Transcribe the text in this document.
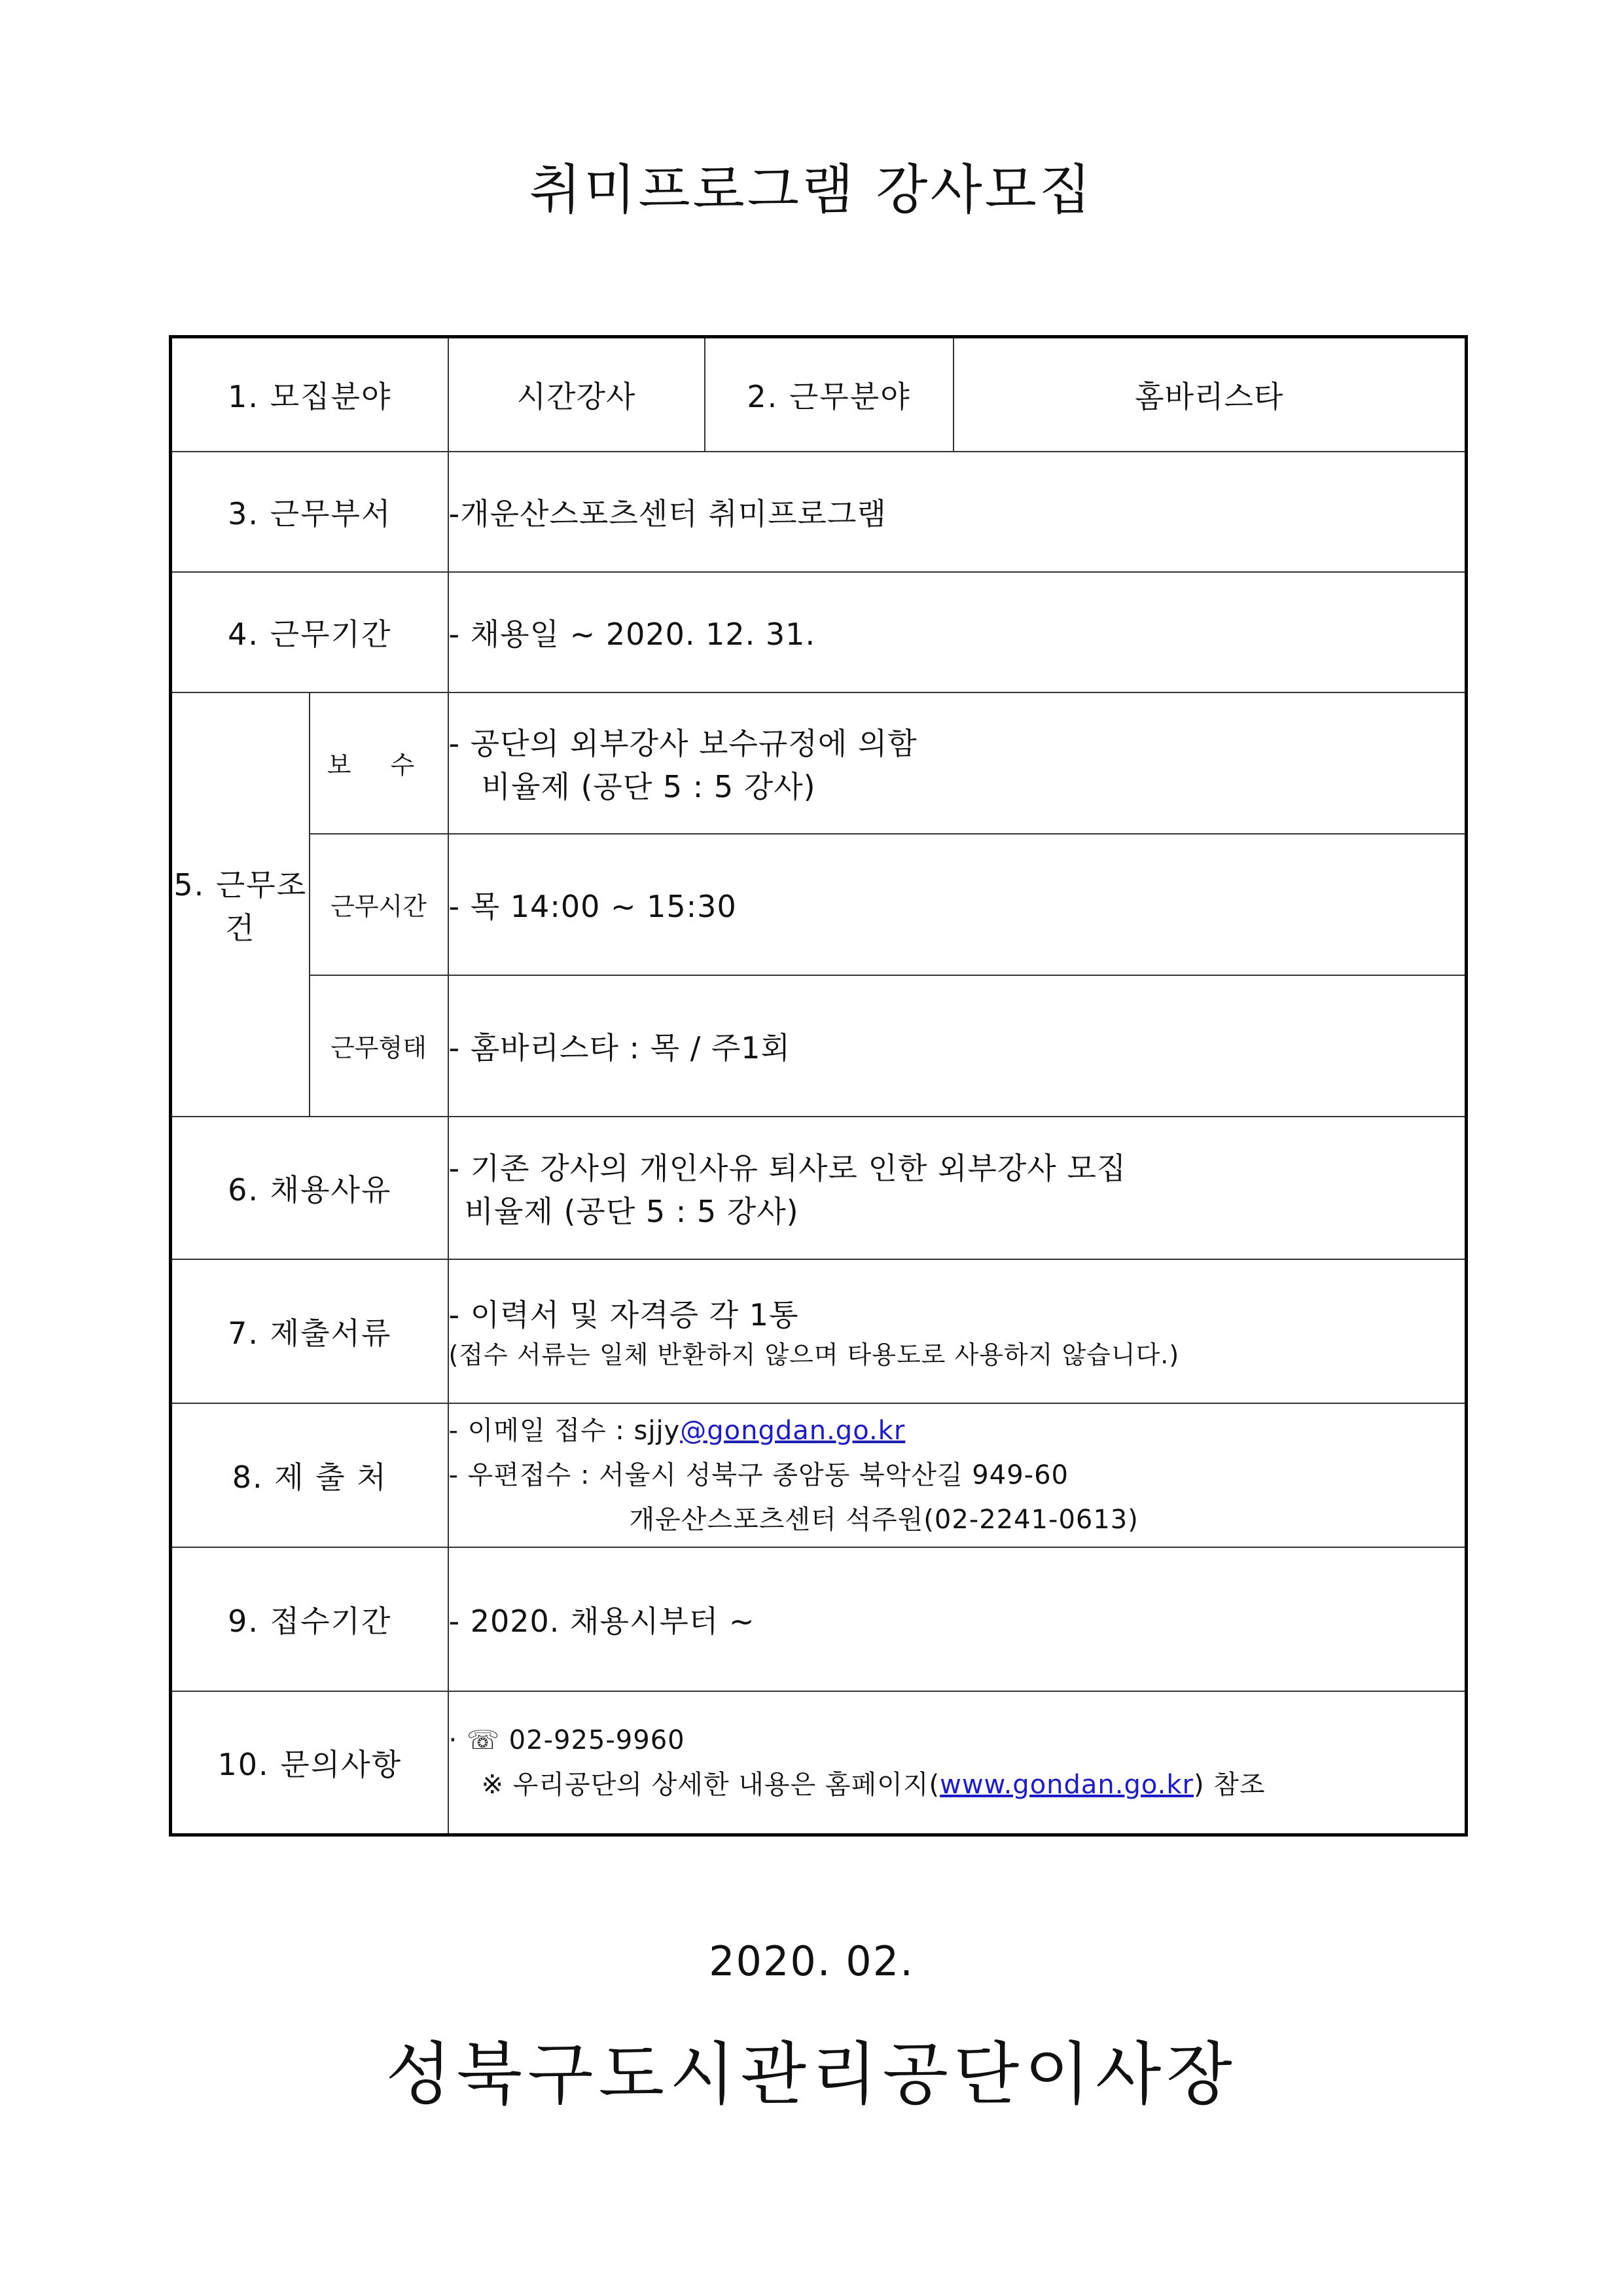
취미프로그램 강사모집
1. 모집분야		시간강사	2. 근무분야	홈바리스타
3. 근무부서		-개운산스포츠센터 취미프로그램		
4. 근무기간		- 채용일 ~ 2020. 12. 31.		
5. 근무조건	보 수	- 공단의 외부강사 보수규정에 의함
비율제 (공단 5 : 5 강사)		

	근무시간	- 목 14:00 ~ 15:30		
	근무형태	- 홈바리스타 : 목 / 주1회		
6. 채용사유		- 기존 강사의 개인사유 퇴사로 인한 외부강사 모집
비율제 (공단 5 : 5 강사)		

7. 제출서류		- 이력서 및 자격증 각 1통
(접수 서류는 일체 반환하지 않으며 타용도로 사용하지 않습니다.)		

8. 제 출 처		- 이메일 접수 : sjjy@gongdan.go.kr
- 우편접수 : 서울시 성북구 종암동 북악산길 949-60
개운산스포츠센터 석주원(02-2241-0613)		

9. 접수기간		- 2020. 채용시부터 ~		
10. 문의사항		· ☏ 02-925-9960
※ 우리공단의 상세한 내용은 홈페이지(www.gondan.go.kr) 참조		
2020. 02.
성북구도시관리공단이사장
